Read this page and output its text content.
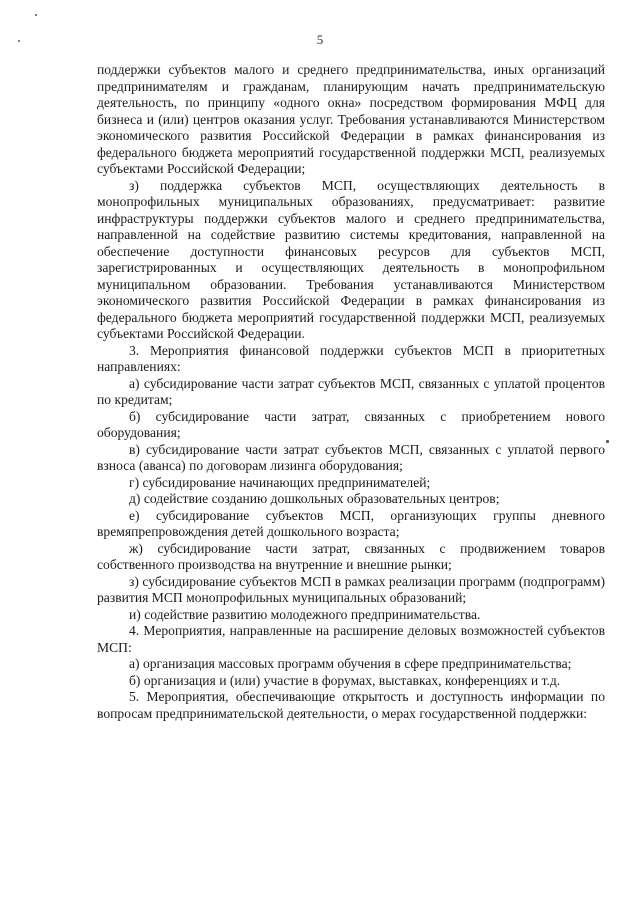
5

поддержки субъектов малого и среднего предпринимательства, иных организаций предпринимателям и гражданам, планирующим начать предпринимательскую деятельность, по принципу «одного окна» посредством формирования МФЦ для бизнеса и (или) центров оказания услуг. Требования устанавливаются Министерством экономического развития Российской Федерации в рамках финансирования из федерального бюджета мероприятий государственной поддержки МСП, реализуемых субъектами Российской Федерации;

з) поддержка субъектов МСП, осуществляющих деятельность в монопрофильных муниципальных образованиях, предусматривает: развитие инфраструктуры поддержки субъектов малого и среднего предпринимательства, направленной на содействие развитию системы кредитования, направленной на обеспечение доступности финансовых ресурсов для субъектов МСП, зарегистрированных и осуществляющих деятельность в монопрофильном муниципальном образовании. Требования устанавливаются Министерством экономического развития Российской Федерации в рамках финансирования из федерального бюджета мероприятий государственной поддержки МСП, реализуемых субъектами Российской Федерации.

3. Мероприятия финансовой поддержки субъектов МСП в приоритетных направлениях:

а) субсидирование части затрат субъектов МСП, связанных с уплатой процентов по кредитам;

б) субсидирование части затрат, связанных с приобретением нового оборудования;

в) субсидирование части затрат субъектов МСП, связанных с уплатой первого взноса (аванса) по договорам лизинга оборудования;

г) субсидирование начинающих предпринимателей;

д) содействие созданию дошкольных образовательных центров;

е) субсидирование субъектов МСП, организующих группы дневного времяпрепровождения детей дошкольного возраста;

ж) субсидирование части затрат, связанных с продвижением товаров собственного производства на внутренние и внешние рынки;

з) субсидирование субъектов МСП в рамках реализации программ (подпрограмм) развития МСП монопрофильных муниципальных образований;

и) содействие развитию молодежного предпринимательства.

4. Мероприятия, направленные на расширение деловых возможностей субъектов МСП:

а) организация массовых программ обучения в сфере предпринимательства;

б) организация и (или) участие в форумах, выставках, конференциях и т.д.

5. Мероприятия, обеспечивающие открытость и доступность информации по вопросам предпринимательской деятельности, о мерах государственной поддержки:
